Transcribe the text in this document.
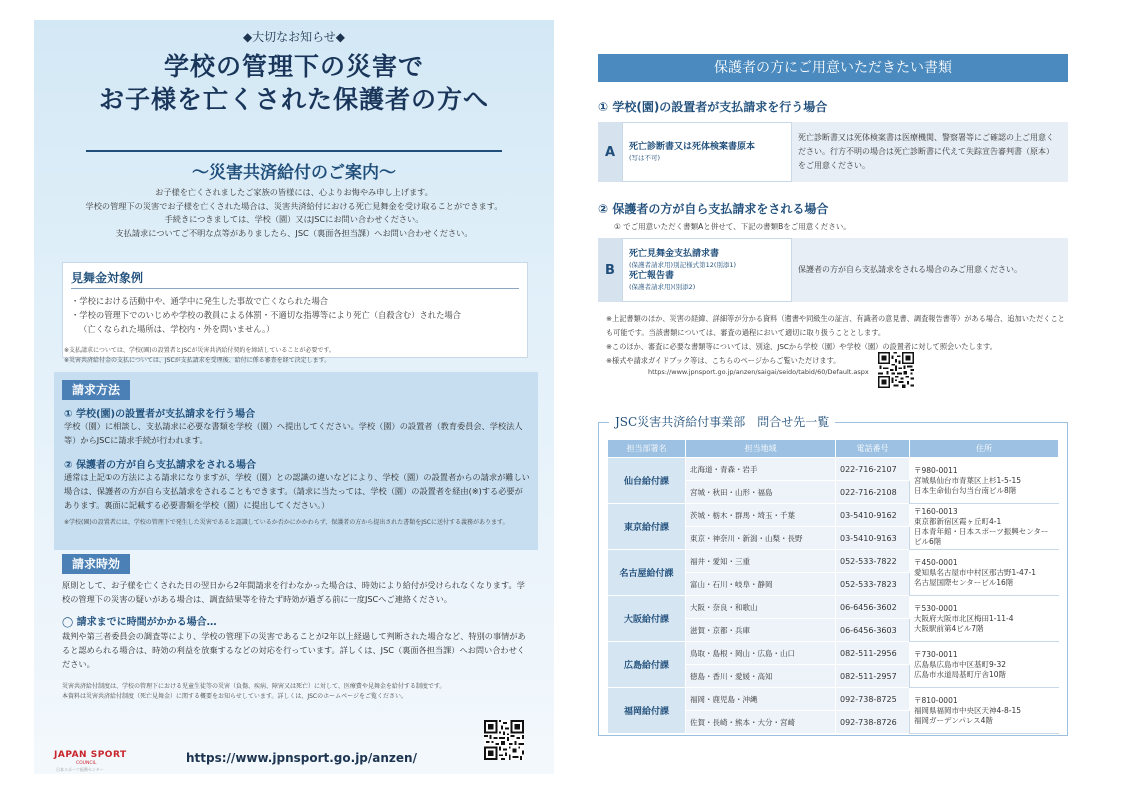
◆大切なお知らせ◆
学校の管理下の災害で
お子様を亡くされた保護者の方へ
〜災害共済給付のご案内〜
お子様を亡くされましたご家族の皆様には、心よりお悔やみ申し上げます。
学校の管理下の災害でお子様を亡くされた場合は、災害共済給付における死亡見舞金を受け取ることができます。
手続きにつきましては、学校（園）又はJSCにお問い合わせください。
支払請求についてご不明な点等がありましたら、JSC（裏面各担当課）へお問い合わせください。
見舞金対象例
・学校における活動中や、通学中に発生した事故で亡くなられた場合
・学校の管理下でのいじめや学校の教員による体罰・不適切な指導等により死亡（自殺含む）された場合
（亡くなられた場所は、学校内・外を問いません。）
※支払請求については、学校(園)の設置者とJSCが災害共済給付契約を締結していることが必要です。
※災害共済給付金の支払については、JSCが支払請求を受理後、給付に係る審査を経て決定します。
請求方法
① 学校(園)の設置者が支払請求を行う場合
学校（園）に相談し、支払請求に必要な書類を学校（園）へ提出してください。学校（園）の設置者（教育委員会、学校法人等）からJSCに請求手続が行われます。
② 保護者の方が自ら支払請求をされる場合
通常は上記①の方法による請求になりますが、学校（園）との認識の違いなどにより、学校（園）の設置者からの請求が難しい場合は、保護者の方が自ら支払請求をされることもできます。（請求に当たっては、学校（園）の設置者を経由(※)する必要があります。裏面に記載する必要書類を学校（園）に提出してください。）
※学校(園)の設置者には、学校の管理下で発生した災害であると認識しているか否かにかかわらず、保護者の方から提出された書類をJSCに送付する義務があります。
請求時効
原則として、お子様を亡くされた日の翌日から2年間請求を行わなかった場合は、時効により給付が受けられなくなります。学校の管理下の災害の疑いがある場合は、調査結果等を待たず時効が過ぎる前に一度JSCへご連絡ください。
◯ 請求までに時間がかかる場合…
裁判や第三者委員会の調査等により、学校の管理下の災害であることが2年以上経過して判断された場合など、特別の事情があると認められる場合は、時効の利益を放棄するなどの対応を行っています。詳しくは、JSC（裏面各担当課）へお問い合わせください。
災害共済給付制度は、学校の管理下における児童生徒等の災害（負傷、疾病、障害又は死亡）に対して、医療費や見舞金を給付する制度です。
本資料は災害共済給付制度（死亡見舞金）に関する概要をお知らせしています。詳しくは、JSCのホームページをご覧ください。
JAPAN SPORT
COUNCIL
日本スポーツ振興センター
https://www.jpnsport.go.jp/anzen/
保護者の方にご用意いただきたい書類
① 学校(園)の設置者が支払請求を行う場合
A	死亡診断書又は死体検案書原本
(写は不可)
死亡診断書又は死体検案書は医療機関、警察署等にご確認の上ご用意ください。行方不明の場合は死亡診断書に代えて失踪宣告審判書（原本）をご用意ください。
② 保護者の方が自ら支払請求をされる場合
① でご用意いただく書類Aと併せて、下記の書類Bをご用意ください。
B
死亡見舞金支払請求書
(保護者請求用)別記様式第12(別添1)
死亡報告書
(保護者請求用)(別添2)
保護者の方が自ら支払請求をされる場合のみご用意ください。
※上記書類のほか、災害の経緯、詳細等が分かる資料（遺書や同級生の証言、有識者の意見書、調査報告書等）がある場合、追加いただくことも可能です。当該書類については、審査の過程において適切に取り扱うこととします。
※このほか、審査に必要な書類等については、別途、JSCから学校（園）や学校（園）の設置者に対して照会いたします。
※様式や請求ガイドブック等は、こちらのページからご覧いただけます。
https://www.jpnsport.go.jp/anzen/saigai/seido/tabid/60/Default.aspx
JSC災害共済給付事業部　問合せ先一覧
担当部署名	担当地域	電話番号	住所
仙台給付課	北海道・青森・岩手	022-716-2107	〒980-0011
宮城県仙台市青葉区上杉1-5-15
日本生命仙台勾当台南ビル8階

	宮城・秋田・山形・福島	022-716-2108	
東京給付課	茨城・栃木・群馬・埼玉・千葉	03-5410-9162	〒160-0013
東京都新宿区霞ヶ丘町4-1
日本青年館・日本スポーツ振興センタービル6階

	東京・神奈川・新潟・山梨・長野	03-5410-9163	
名古屋給付課	福井・愛知・三重	052-533-7822	〒450-0001
愛知県名古屋市中村区那古野1-47-1
名古屋国際センタービル16階

	富山・石川・岐阜・静岡	052-533-7823	
大阪給付課	大阪・奈良・和歌山	06-6456-3602	〒530-0001
大阪府大阪市北区梅田1-11-4
大阪駅前第4ビル7階

	滋賀・京都・兵庫	06-6456-3603	
広島給付課	鳥取・島根・岡山・広島・山口	082-511-2956	〒730-0011
広島県広島市中区基町9-32
広島市水道局基町庁舎10階

	徳島・香川・愛媛・高知	082-511-2957	
福岡給付課	福岡・鹿児島・沖縄	092-738-8725	〒810-0001
福岡県福岡市中央区天神4-8-15
福岡ガーデンパレス4階

	佐賀・長崎・熊本・大分・宮崎	092-738-8726	
